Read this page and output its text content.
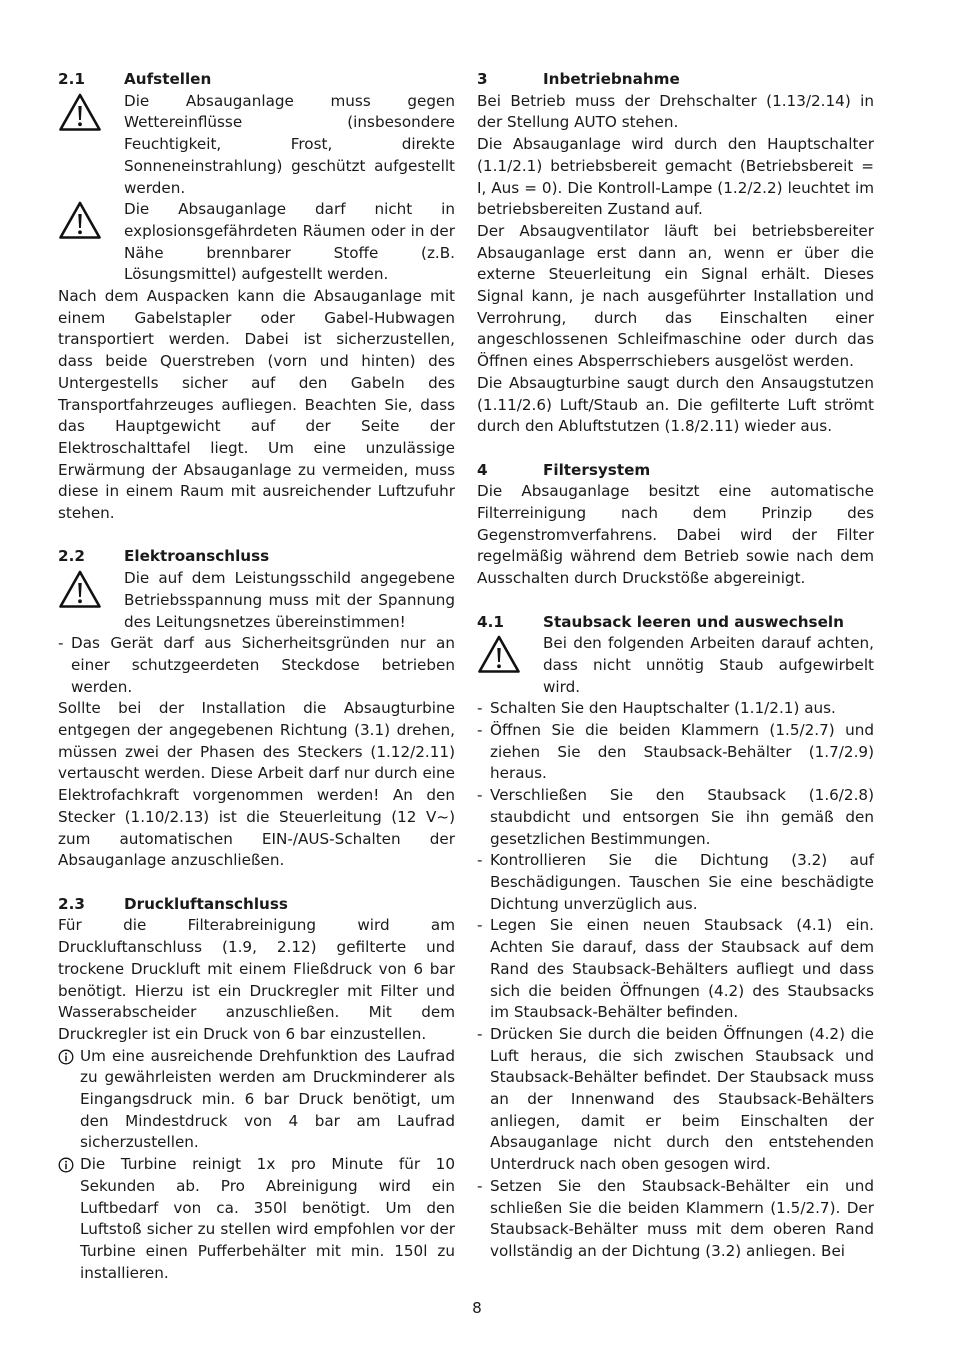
2.1	Aufstellen
Die Absauganlage muss gegen Wettereinflüsse (insbesondere Feuchtigkeit, Frost, direkte Sonneneinstrahlung) geschützt aufgestellt werden.
Die Absauganlage darf nicht in explosionsgefährdeten Räumen oder in der Nähe brennbarer Stoffe (z.B. Lösungsmittel) aufgestellt werden.
Nach dem Auspacken kann die Absauganlage mit einem Gabelstapler oder Gabel-Hubwagen transportiert werden. Dabei ist sicherzustellen, dass beide Querstreben (vorn und hinten) des Untergestells sicher auf den Gabeln des Transportfahrzeuges aufliegen. Beachten Sie, dass das Hauptgewicht auf der Seite der Elektroschalttafel liegt. Um eine unzulässige Erwärmung der Absauganlage zu vermeiden, muss diese in einem Raum mit ausreichender Luftzufuhr stehen.
2.2	Elektroanschluss
Die auf dem Leistungsschild angegebene Betriebsspannung muss mit der Spannung des Leitungsnetzes übereinstimmen!
- Das Gerät darf aus Sicherheitsgründen nur an einer schutzgeerdeten Steckdose betrieben werden.
Sollte bei der Installation die Absaugturbine entgegen der angegebenen Richtung (3.1) drehen, müssen zwei der Phasen des Steckers (1.12/2.11) vertauscht werden. Diese Arbeit darf nur durch eine Elektrofachkraft vorgenommen werden! An den Stecker (1.10/2.13) ist die Steuerleitung (12 V~) zum automatischen EIN-/AUS-Schalten der Absauganlage anzuschließen.
2.3	Druckluftanschluss
Für die Filterabreinigung wird am Druckluftanschluss (1.9, 2.12) gefilterte und trockene Druckluft mit einem Fließdruck von 6 bar benötigt. Hierzu ist ein Druckregler mit Filter und Wasserabscheider anzuschließen. Mit dem Druckregler ist ein Druck von 6 bar einzustellen.
Um eine ausreichende Drehfunktion des Laufrad zu gewährleisten werden am Druckminderer als Eingangsdruck min. 6 bar Druck benötigt, um den Mindestdruck von 4 bar am Laufrad sicherzustellen.
Die Turbine reinigt 1x pro Minute für 10 Sekunden ab. Pro Abreinigung wird ein Luftbedarf von ca. 350l benötigt. Um den Luftstoß sicher zu stellen wird empfohlen vor der Turbine einen Pufferbehälter mit min. 150l zu installieren.
3	Inbetriebnahme
Bei Betrieb muss der Drehschalter (1.13/2.14) in der Stellung AUTO stehen.
Die Absauganlage wird durch den Hauptschalter (1.1/2.1) betriebsbereit gemacht (Betriebsbereit = I, Aus = 0). Die Kontroll-Lampe (1.2/2.2) leuchtet im betriebsbereiten Zustand auf.
Der Absaugventilator läuft bei betriebsbereiter Absauganlage erst dann an, wenn er über die externe Steuerleitung ein Signal erhält. Dieses Signal kann, je nach ausgeführter Installation und Verrohrung, durch das Einschalten einer angeschlossenen Schleifmaschine oder durch das Öffnen eines Absperrschiebers ausgelöst werden.
Die Absaugturbine saugt durch den Ansaugstutzen (1.11/2.6) Luft/Staub an. Die gefilterte Luft strömt durch den Abluftstutzen (1.8/2.11) wieder aus.
4	Filtersystem
Die Absauganlage besitzt eine automatische Filterreinigung nach dem Prinzip des Gegenstromverfahrens. Dabei wird der Filter regelmäßig während dem Betrieb sowie nach dem Ausschalten durch Druckstöße abgereinigt.
4.1	Staubsack leeren und auswechseln
Bei den folgenden Arbeiten darauf achten, dass nicht unnötig Staub aufgewirbelt wird.
- Schalten Sie den Hauptschalter (1.1/2.1) aus.
- Öffnen Sie die beiden Klammern (1.5/2.7) und ziehen Sie den Staubsack-Behälter (1.7/2.9) heraus.
- Verschließen Sie den Staubsack (1.6/2.8) staubdicht und entsorgen Sie ihn gemäß den gesetzlichen Bestimmungen.
- Kontrollieren Sie die Dichtung (3.2) auf Beschädigungen. Tauschen Sie eine beschädigte Dichtung unverzüglich aus.
- Legen Sie einen neuen Staubsack (4.1) ein. Achten Sie darauf, dass der Staubsack auf dem Rand des Staubsack-Behälters aufliegt und dass sich die beiden Öffnungen (4.2) des Staubsacks im Staubsack-Behälter befinden.
- Drücken Sie durch die beiden Öffnungen (4.2) die Luft heraus, die sich zwischen Staubsack und Staubsack-Behälter befindet. Der Staubsack muss an der Innenwand des Staubsack-Behälters anliegen, damit er beim Einschalten der Absauganlage nicht durch den entstehenden Unterdruck nach oben gesogen wird.
- Setzen Sie den Staubsack-Behälter ein und schließen Sie die beiden Klammern (1.5/2.7). Der Staubsack-Behälter muss mit dem oberen Rand vollständig an der Dichtung (3.2) anliegen. Bei
8
